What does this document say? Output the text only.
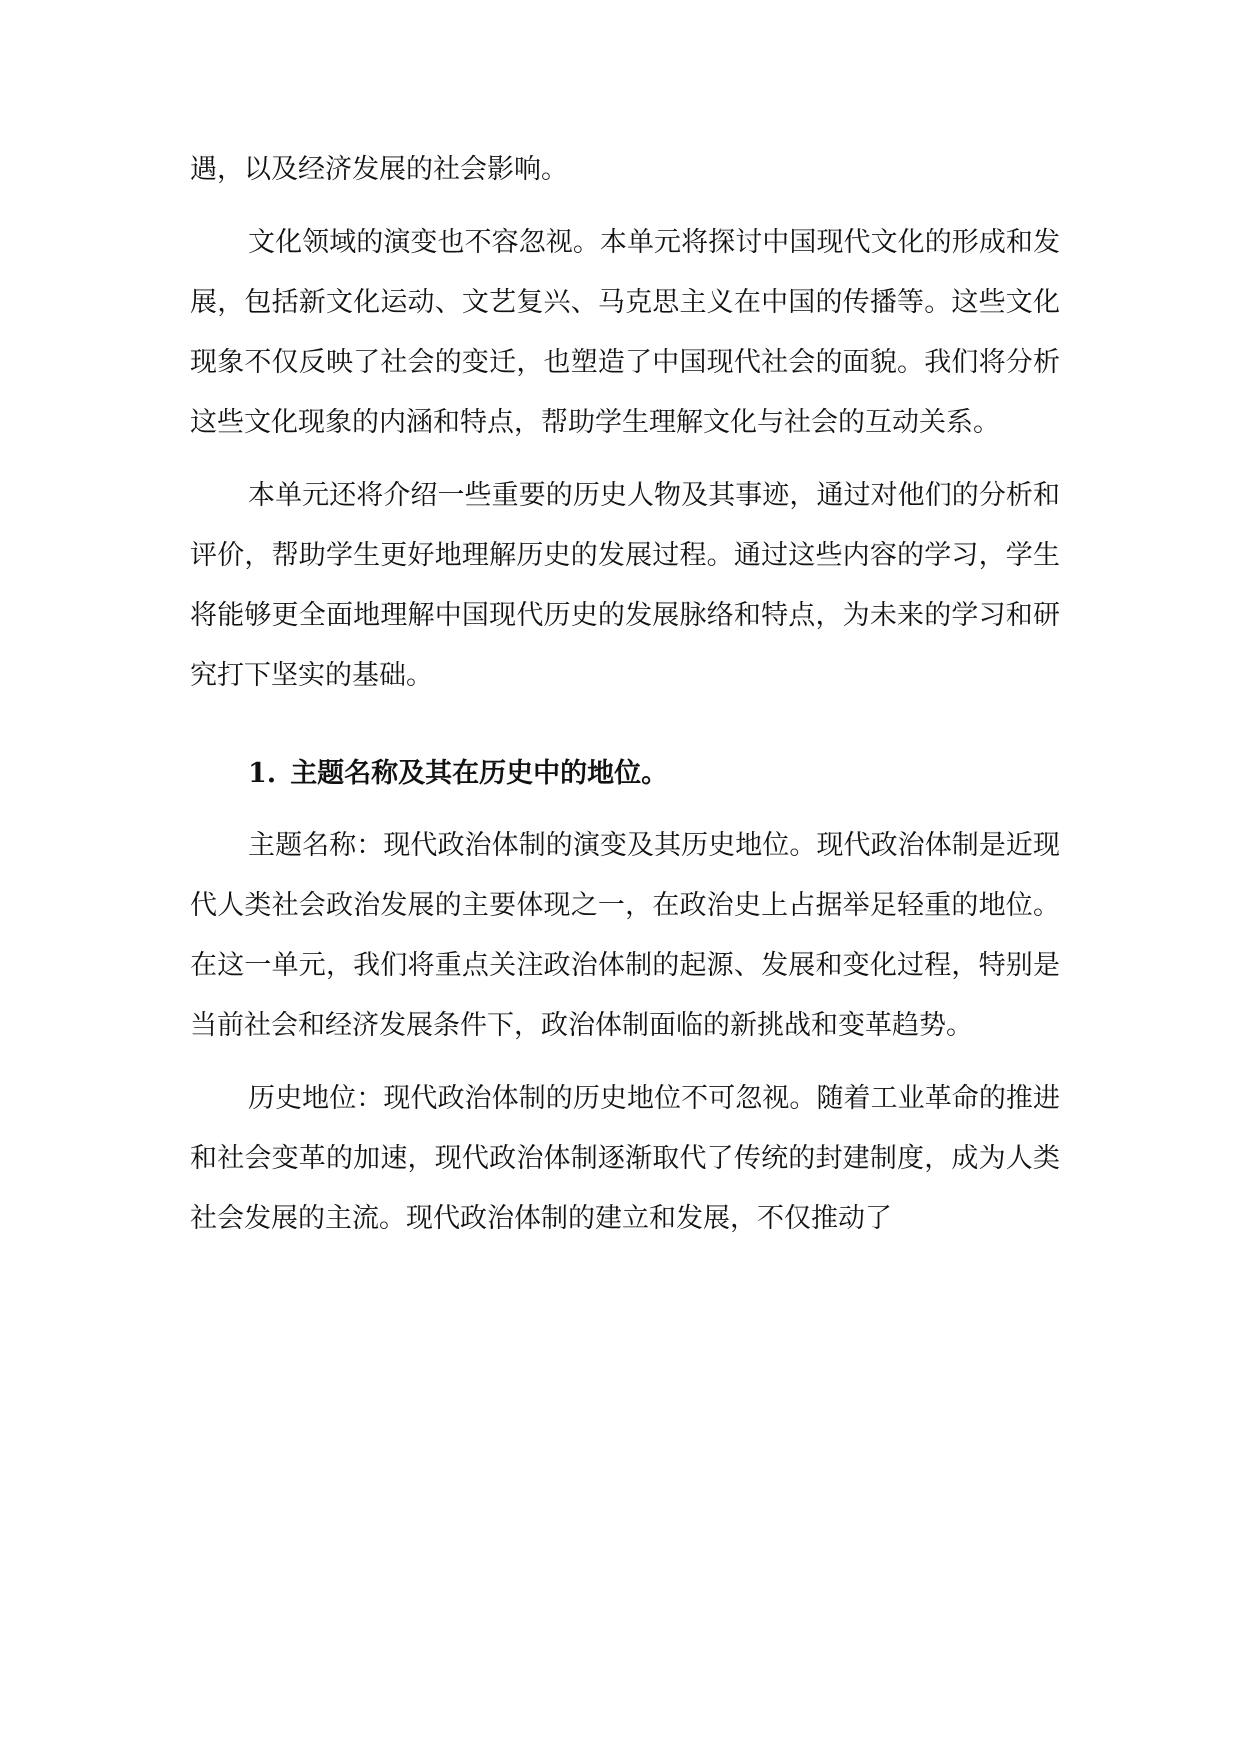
遇，以及经济发展的社会影响。

文化领域的演变也不容忽视。本单元将探讨中国现代文化的形成和发展，包括新文化运动、文艺复兴、马克思主义在中国的传播等。这些文化现象不仅反映了社会的变迁，也塑造了中国现代社会的面貌。我们将分析这些文化现象的内涵和特点，帮助学生理解文化与社会的互动关系。

本单元还将介绍一些重要的历史人物及其事迹，通过对他们的分析和评价，帮助学生更好地理解历史的发展过程。通过这些内容的学习，学生将能够更全面地理解中国现代历史的发展脉络和特点，为未来的学习和研究打下坚实的基础。

1. 主题名称及其在历史中的地位。

主题名称：现代政治体制的演变及其历史地位。现代政治体制是近现代人类社会政治发展的主要体现之一，在政治史上占据举足轻重的地位。在这一单元，我们将重点关注政治体制的起源、发展和变化过程，特别是当前社会和经济发展条件下，政治体制面临的新挑战和变革趋势。

历史地位：现代政治体制的历史地位不可忽视。随着工业革命的推进和社会变革的加速，现代政治体制逐渐取代了传统的封建制度，成为人类社会发展的主流。现代政治体制的建立和发展，不仅推动了
